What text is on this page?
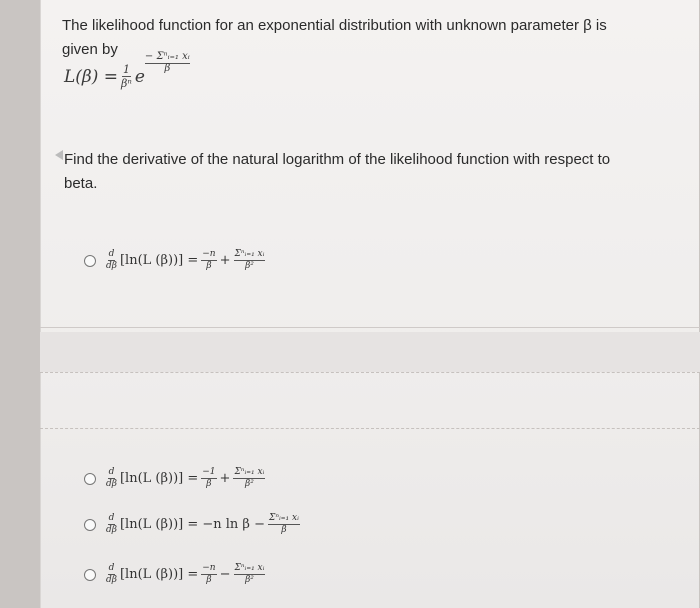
The likelihood function for an exponential distribution with unknown parameter β is given by
$L(\beta) = \frac{1}{\text{βⁿ}}$ e
− Σⁿᵢ₌₁ xᵢ
β
Find the derivative of the natural logarithm of the likelihood function with respect to beta.
$\frac{d}{d\beta} [\ln(L$ $(\beta))] = \frac{-n}{\beta} + \frac{\text{Σⁿᵢ₌₁ xᵢ}}{\text{β²}}$
$\frac{d}{d\beta} [\ln(L$ $(\beta))] = \frac{-1}{\beta} + \frac{\text{Σⁿᵢ₌₁ xᵢ}}{\text{β²}}$
$\frac{d}{d\beta} [\ln(L$ (β))] = −n $\ln \beta - \frac{\text{Σⁿᵢ₌₁ xᵢ}}{\beta}$
$\frac{d}{d\beta} [\ln(L$ $(\beta))] = \frac{-n}{\beta} - \frac{\text{Σⁿᵢ₌₁ xᵢ}}{\text{β²}}$
